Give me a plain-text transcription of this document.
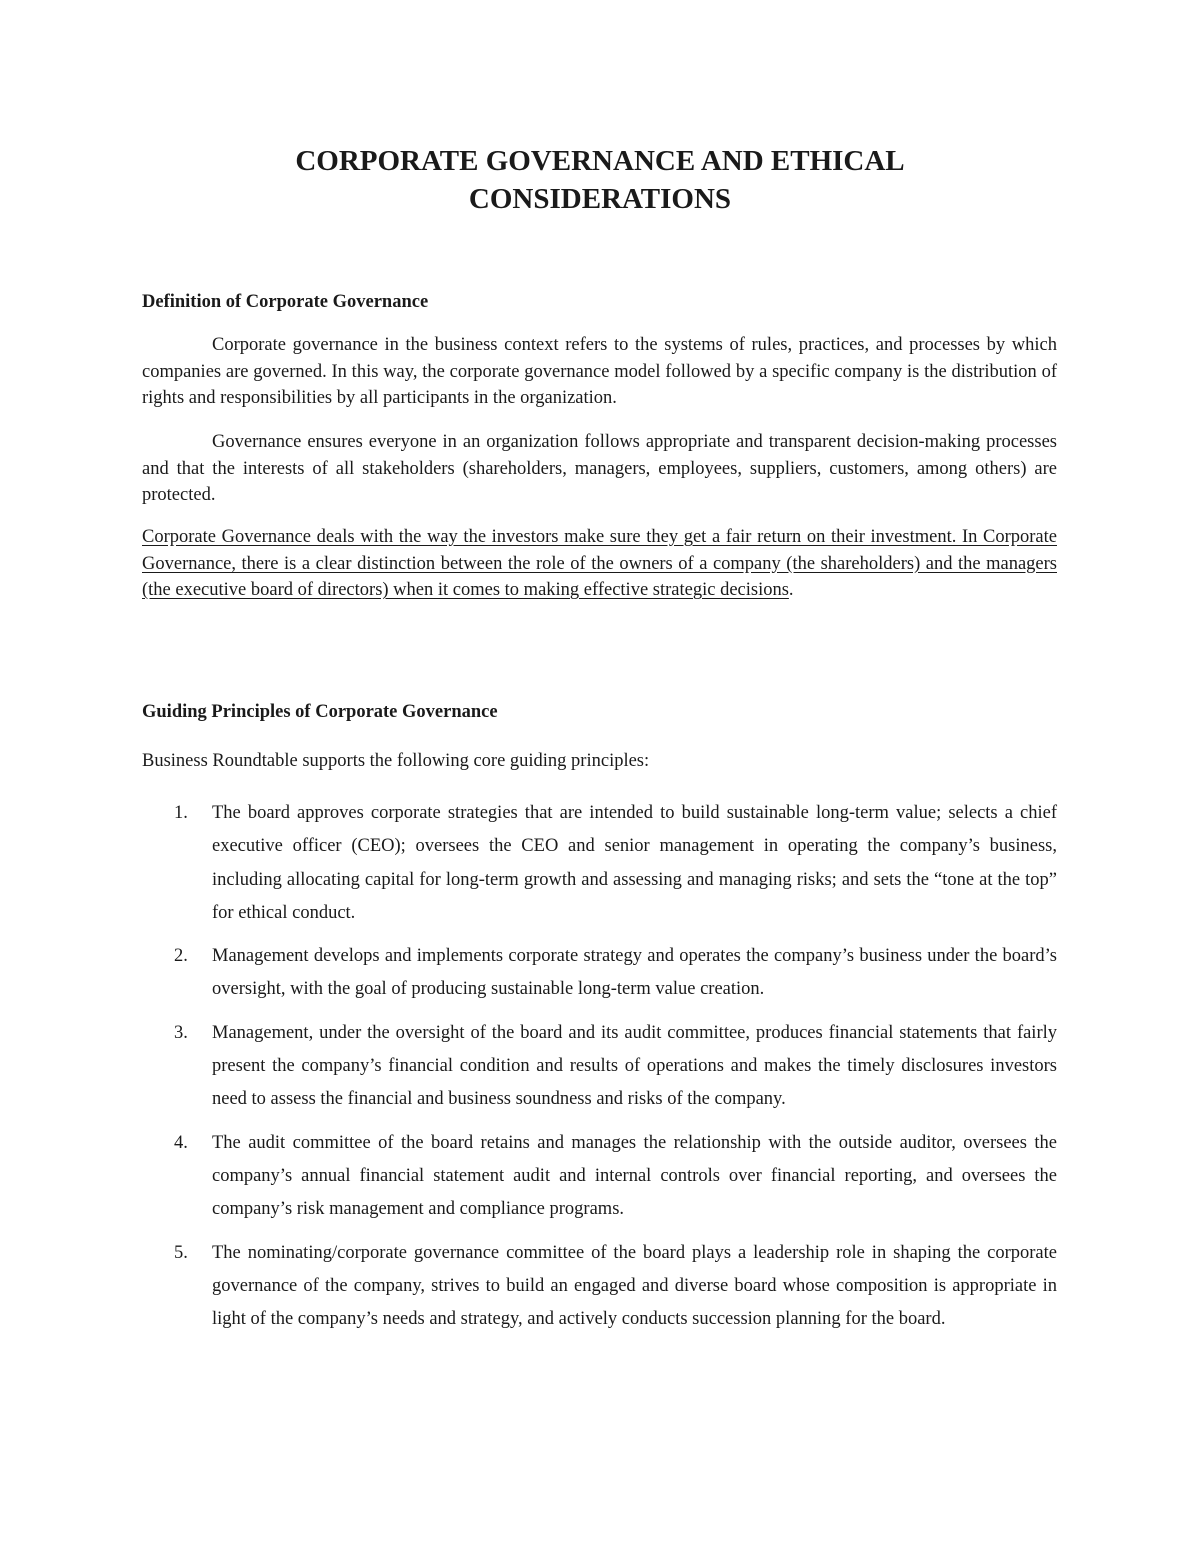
CORPORATE GOVERNANCE AND ETHICAL
CONSIDERATIONS
Definition of Corporate Governance

Corporate governance in the business context refers to the systems of rules, practices, and processes by which companies are governed. In this way, the corporate governance model followed by a specific company is the distribution of rights and responsibilities by all participants in the organization.

Governance ensures everyone in an organization follows appropriate and transparent decision-making processes and that the interests of all stakeholders (shareholders, managers, employees, suppliers, customers, among others) are protected.

Corporate Governance deals with the way the investors make sure they get a fair return on their investment. In Corporate Governance, there is a clear distinction between the role of the owners of a company (the shareholders) and the managers (the executive board of directors) when it comes to making effective strategic decisions.

Guiding Principles of Corporate Governance

Business Roundtable supports the following core guiding principles:

1. The board approves corporate strategies that are intended to build sustainable long-term value; selects a chief executive officer (CEO); oversees the CEO and senior management in operating the company’s business, including allocating capital for long-term growth and assessing and managing risks; and sets the “tone at the top” for ethical conduct.
2. Management develops and implements corporate strategy and operates the company’s business under the board’s oversight, with the goal of producing sustainable long-term value creation.
3. Management, under the oversight of the board and its audit committee, produces financial statements that fairly present the company’s financial condition and results of operations and makes the timely disclosures investors need to assess the financial and business soundness and risks of the company.
4. The audit committee of the board retains and manages the relationship with the outside auditor, oversees the company’s annual financial statement audit and internal controls over financial reporting, and oversees the company’s risk management and compliance programs.
5. The nominating/corporate governance committee of the board plays a leadership role in shaping the corporate governance of the company, strives to build an engaged and diverse board whose composition is appropriate in light of the company’s needs and strategy, and actively conducts succession planning for the board.
